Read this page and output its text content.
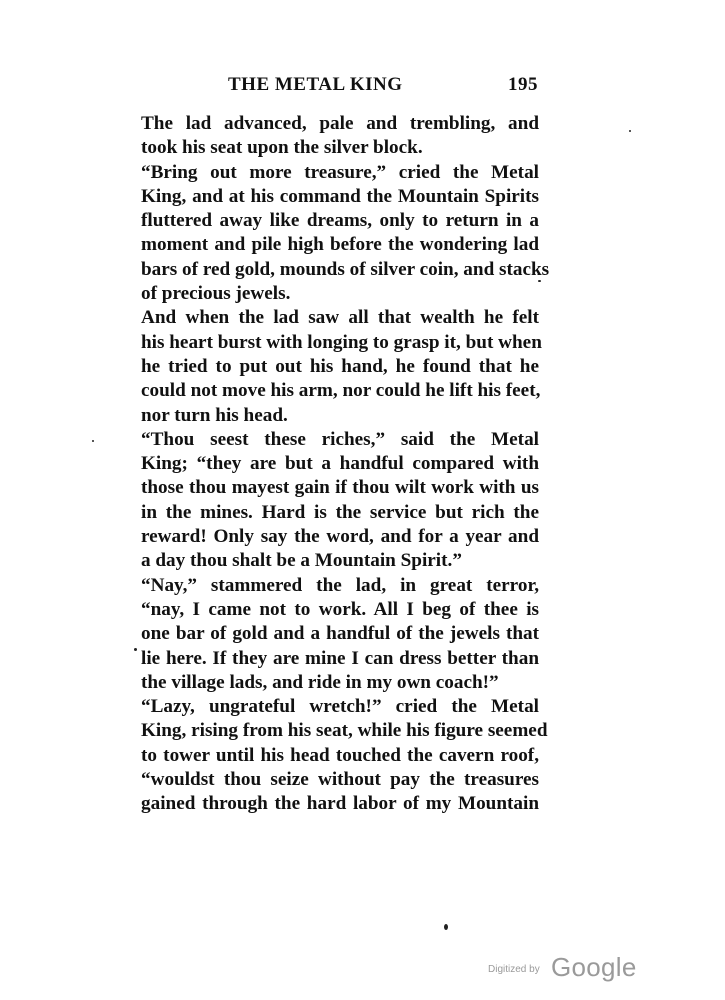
THE METAL KING	195
The lad advanced, pale and trembling, and
took his seat upon the silver block.
“Bring out more treasure,” cried the Metal
King, and at his command the Mountain Spirits
fluttered away like dreams, only to return in a
moment and pile high before the wondering lad
bars of red gold, mounds of silver coin, and stacks
of precious jewels.
And when the lad saw all that wealth he felt
his heart burst with longing to grasp it, but when
he tried to put out his hand, he found that he
could not move his arm, nor could he lift his feet,
nor turn his head.
“Thou seest these riches,” said the Metal
King; “they are but a handful compared with
those thou mayest gain if thou wilt work with us
in the mines. Hard is the service but rich the
reward! Only say the word, and for a year and
a day thou shalt be a Mountain Spirit.”
“Nay,” stammered the lad, in great terror,
“nay, I came not to work. All I beg of thee is
one bar of gold and a handful of the jewels that
lie here. If they are mine I can dress better than
the village lads, and ride in my own coach!”
“Lazy, ungrateful wretch!” cried the Metal
King, rising from his seat, while his figure seemed
to tower until his head touched the cavern roof,
“wouldst thou seize without pay the treasures
gained through the hard labor of my Mountain
Digitized by Google
